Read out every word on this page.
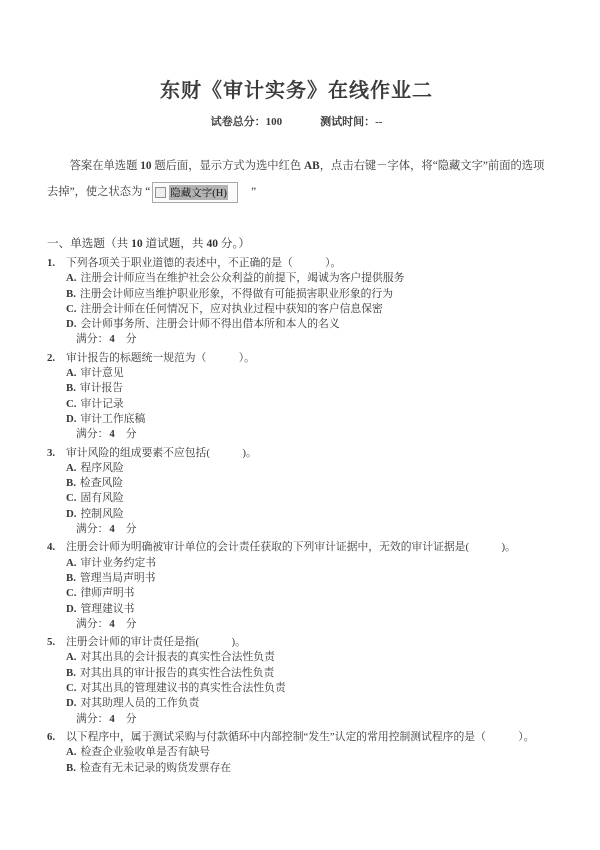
东财《审计实务》在线作业二
试卷总分：100	测试时间：--

答案在单选题 10 题后面，显示方式为选中红色 AB，点击右键－字体，将“隐藏文字”前面的选项去掉”，使之状态为 “ 隐藏文字(H) 　”

一、单选题（共 10 道试题，共 40 分。）
1.	下列各项关于职业道德的表述中，不正确的是（　　　）。
A. 注册会计师应当在维护社会公众利益的前提下，竭诚为客户提供服务
B. 注册会计师应当维护职业形象，不得做有可能损害职业形象的行为
C. 注册会计师在任何情况下，应对执业过程中获知的客户信息保密
D. 会计师事务所、注册会计师不得出借本所和本人的名义
满分：4 分
2.	审计报告的标题统一规范为（　　　）。
A. 审计意见
B. 审计报告
C. 审计记录
D. 审计工作底稿
满分：4 分
3.	审计风险的组成要素不应包括(　　　)。
A. 程序风险
B. 检查风险
C. 固有风险
D. 控制风险
满分：4 分
4.	注册会计师为明确被审计单位的会计责任获取的下列审计证据中，无效的审计证据是(　　　)。
A. 审计业务约定书
B. 管理当局声明书
C. 律师声明书
D. 管理建议书
满分：4 分
5.	注册会计师的审计责任是指(　　　)。
A. 对其出具的会计报表的真实性合法性负责
B. 对其出具的审计报告的真实性合法性负责
C. 对其出具的管理建议书的真实性合法性负责
D. 对其助理人员的工作负责
满分：4 分
6.	以下程序中，属于测试采购与付款循环中内部控制“发生”认定的常用控制测试程序的是（　　　）。
A. 检查企业验收单是否有缺号
B. 检查有无未记录的购货发票存在
